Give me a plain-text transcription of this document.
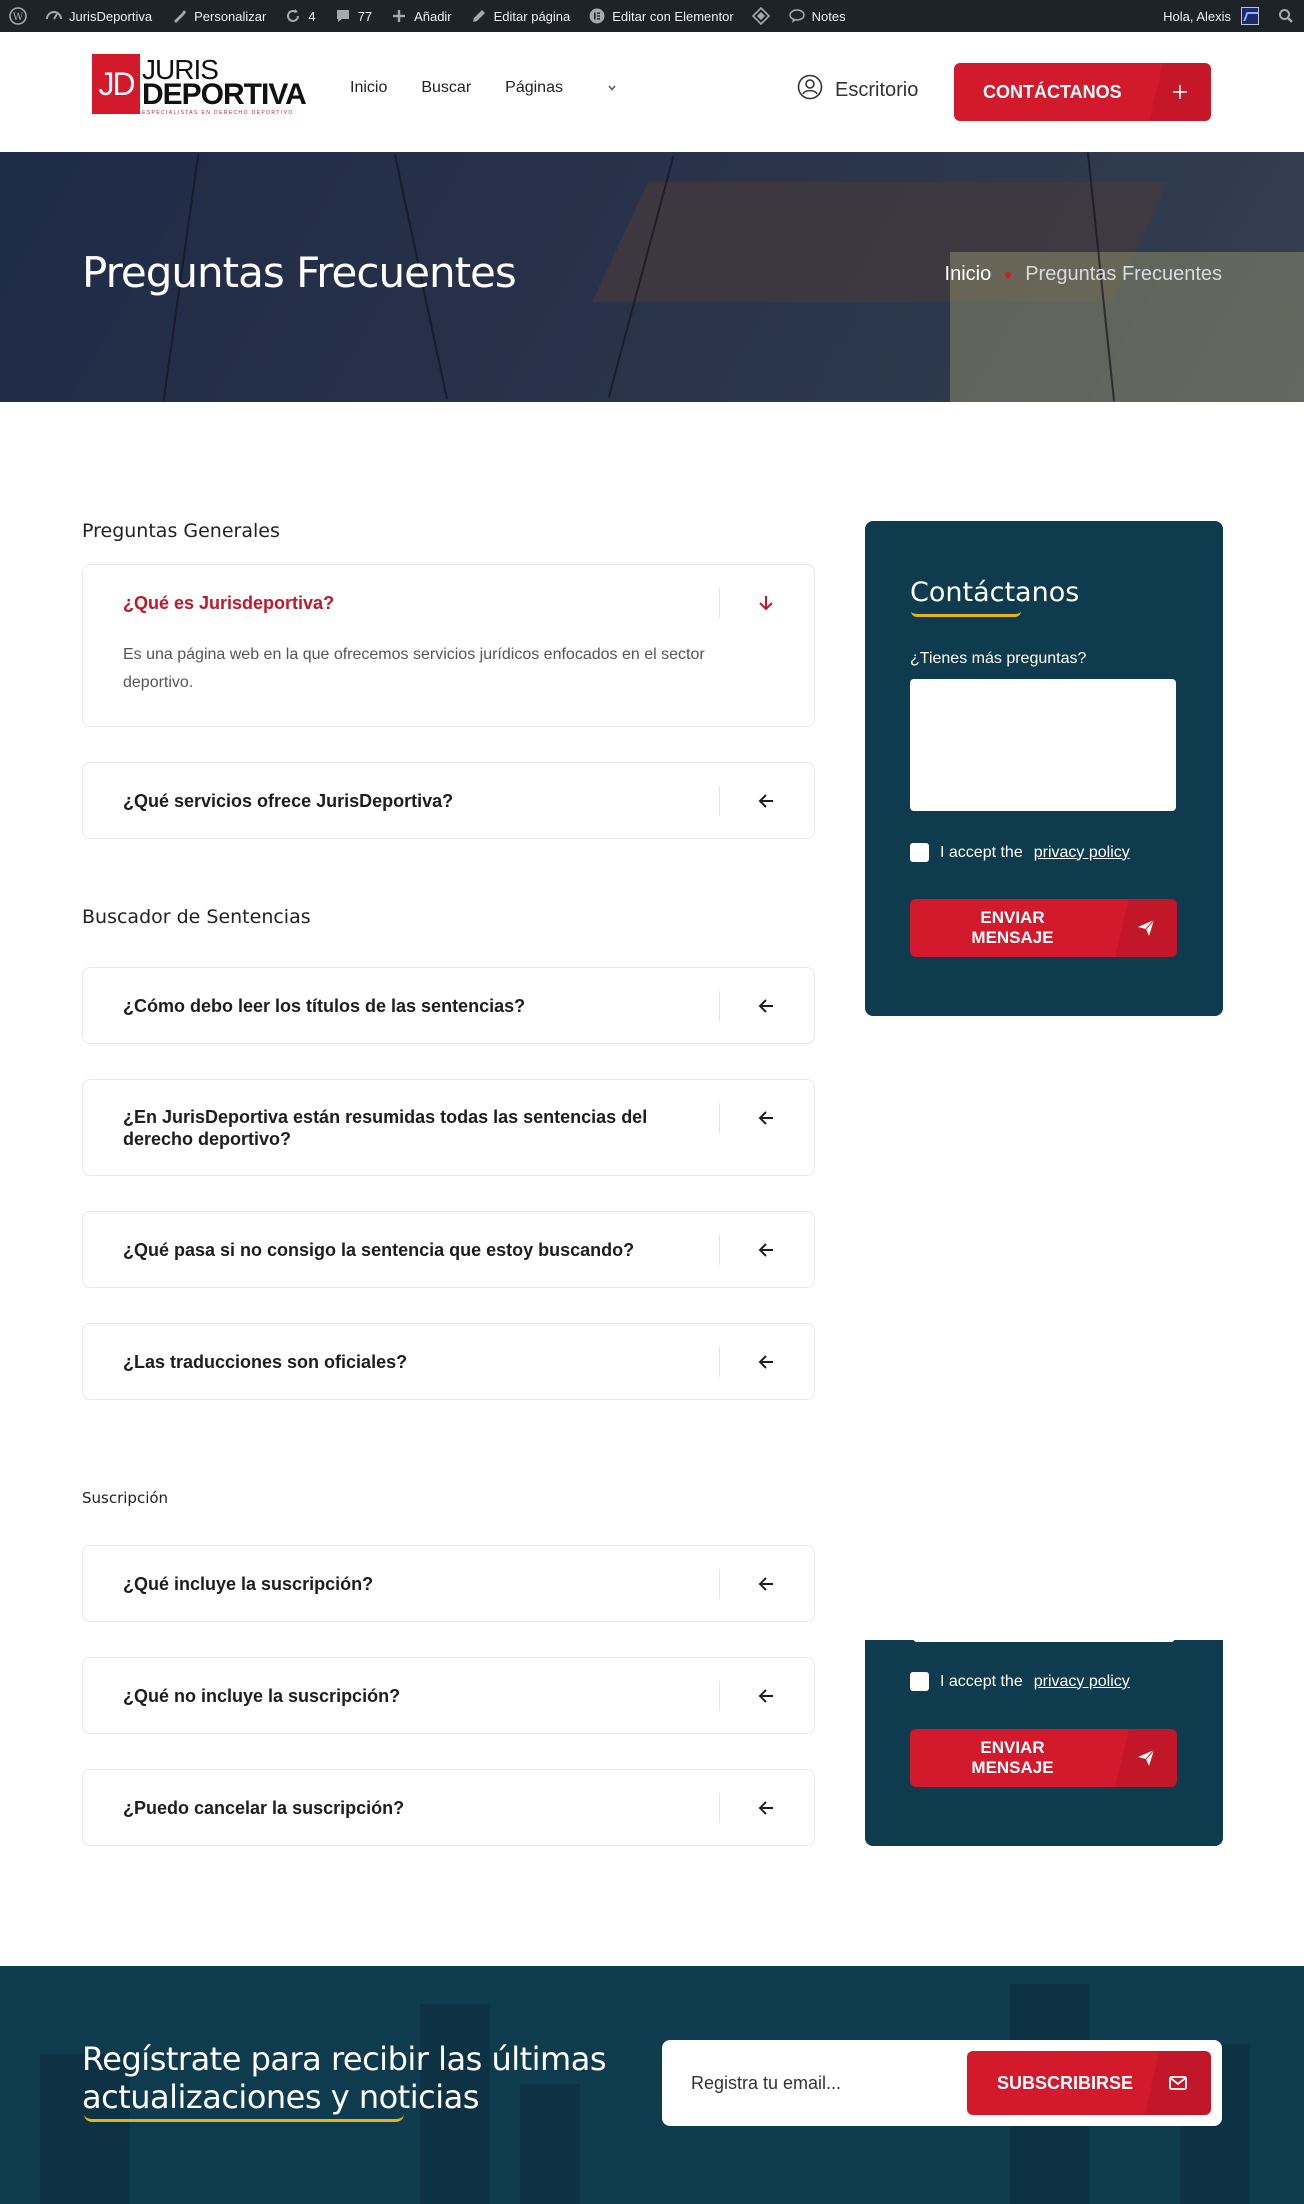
W	JurisDeportiva	Personalizar	4	77	Añadir	Editar página	Editar con Elementor	Notes	Hola, Alexis
JD JURIS
DEPORTIVA
ESPECIALISTAS EN DERECHO DEPORTIVO
Inicio Buscar Páginas	Escritorio	CONTÁCTANOS
Preguntas Frecuentes	Inicio Preguntas Frecuentes
Preguntas Generales
¿Qué es Jurisdeportiva?
Es una página web en la que ofrecemos servicios jurídicos enfocados en el sector deportivo.
¿Qué servicios ofrece JurisDeportiva?
Buscador de Sentencias
¿Cómo debo leer los títulos de las sentencias?
¿En JurisDeportiva están resumidas todas las sentencias del derecho deportivo?
¿Qué pasa si no consigo la sentencia que estoy buscando?
¿Las traducciones son oficiales?
Suscripción
¿Qué incluye la suscripción?
¿Qué no incluye la suscripción?
¿Puedo cancelar la suscripción?
Contáctanos
¿Tienes más preguntas?
I accept the privacy policy
ENVIAR
MENSAJE
I accept the privacy policy
ENVIAR
MENSAJE
Regístrate para recibir las últimas
actualizaciones y noticias	Registra tu email...	SUBSCRIBIRSE
